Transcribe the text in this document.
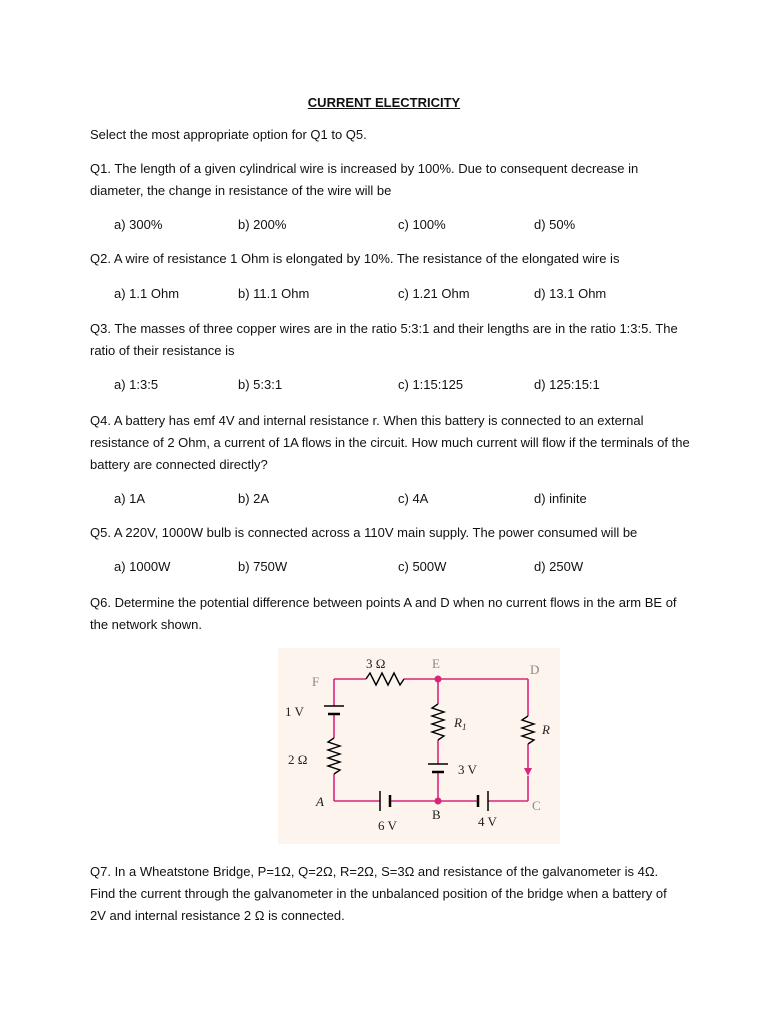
CURRENT ELECTRICITY
Select the most appropriate option for Q1 to Q5.
Q1. The length of a given cylindrical wire is increased by 100%. Due to consequent decrease in diameter, the change in resistance of the wire will be
a) 300%	b) 200%	c) 100%	d) 50%
Q2. A wire of resistance 1 Ohm is elongated by 10%. The resistance of the elongated wire is
a) 1.1 Ohm	b) 11.1 Ohm	c) 1.21 Ohm	d) 13.1 Ohm
Q3. The masses of three copper wires are in the ratio 5:3:1 and their lengths are in the ratio 1:3:5. The ratio of their resistance is
a) 1:3:5	b) 5:3:1	c) 1:15:125	d) 125:15:1
Q4. A battery has emf 4V and internal resistance r. When this battery is connected to an external resistance of 2 Ohm, a current of 1A flows in the circuit. How much current will flow if the terminals of the battery are connected directly?
a) 1A	b) 2A	c) 4A	d) infinite
Q5. A 220V, 1000W bulb is connected across a 110V main supply. The power consumed will be
a) 1000W	b) 750W	c) 500W	d) 250W
Q6. Determine the potential difference between points A and D when no current flows in the arm BE of the network shown.
3 Ω	E	D
F
1 V
$R_1$	R
2 Ω
3 V
A
B
C
6 V	4 V
Q7. In a Wheatstone Bridge, P=1Ω, Q=2Ω, R=2Ω, S=3Ω and resistance of the galvanometer is 4Ω. Find the current through the galvanometer in the unbalanced position of the bridge when a battery of 2V and internal resistance 2 Ω is connected.
